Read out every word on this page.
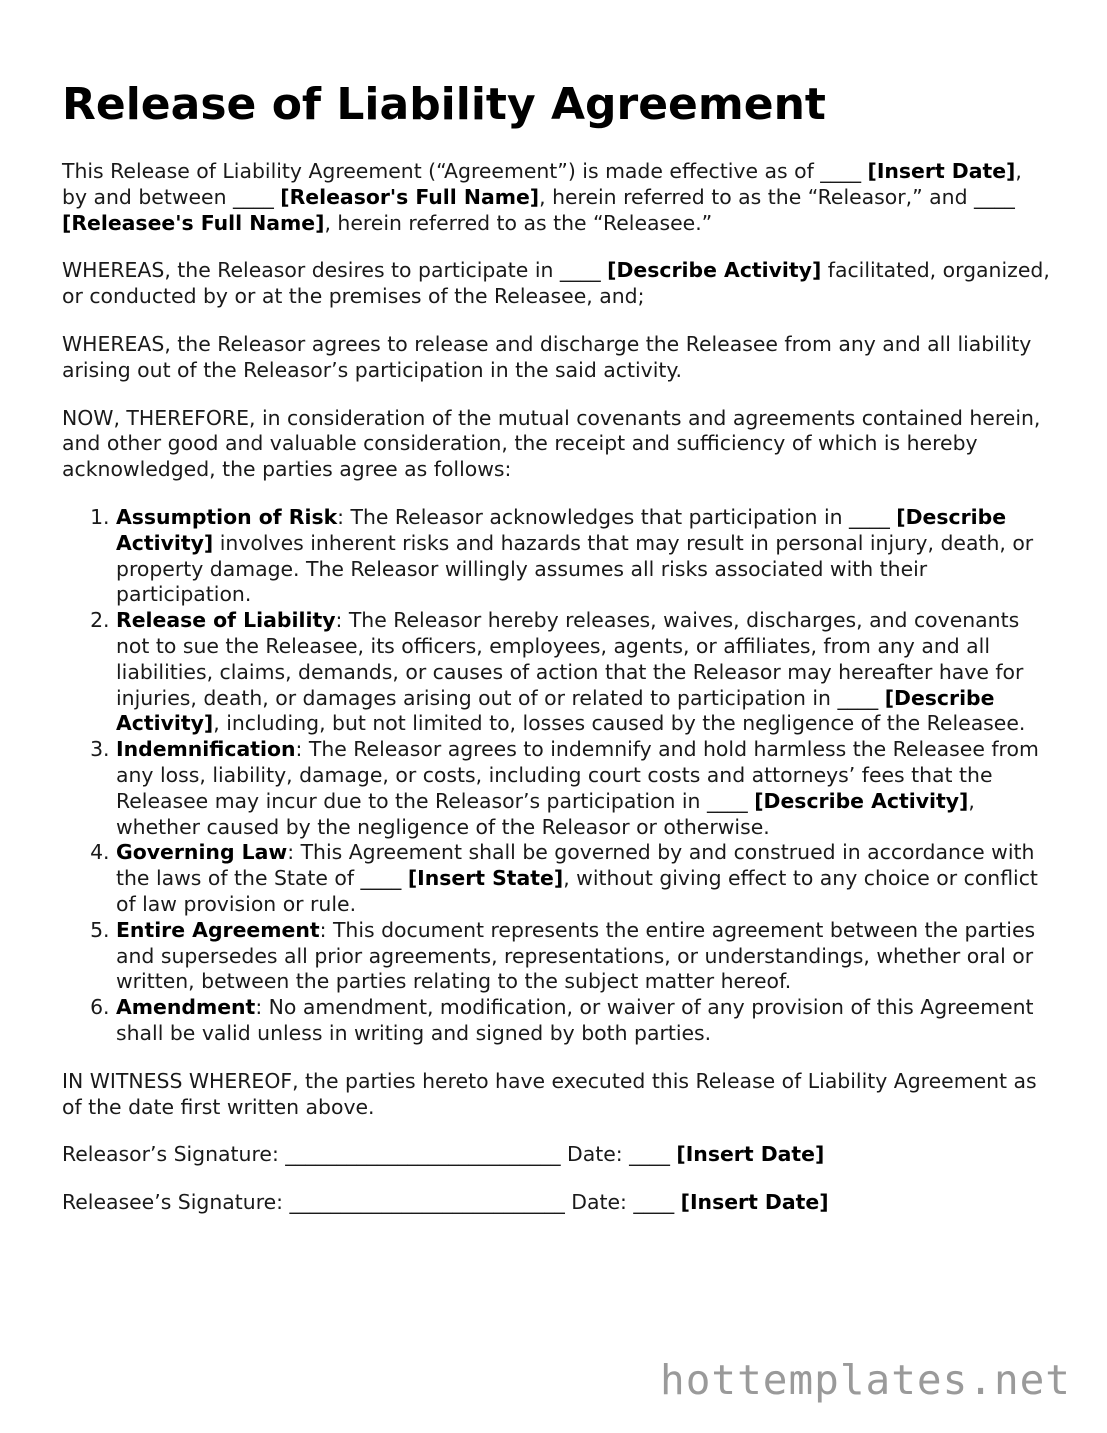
Release of Liability Agreement

This Release of Liability Agreement (“Agreement”) is made effective as of ____ [Insert Date], by and between ____ [Releasor's Full Name], herein referred to as the “Releasor,” and ____ [Releasee's Full Name], herein referred to as the “Releasee.”

WHEREAS, the Releasor desires to participate in ____ [Describe Activity] facilitated, organized, or conducted by or at the premises of the Releasee, and;

WHEREAS, the Releasor agrees to release and discharge the Releasee from any and all liability arising out of the Releasor’s participation in the said activity.

NOW, THEREFORE, in consideration of the mutual covenants and agreements contained herein, and other good and valuable consideration, the receipt and sufficiency of which is hereby acknowledged, the parties agree as follows:

1. Assumption of Risk: The Releasor acknowledges that participation in ____ [Describe Activity] involves inherent risks and hazards that may result in personal injury, death, or property damage. The Releasor willingly assumes all risks associated with their participation.
2. Release of Liability: The Releasor hereby releases, waives, discharges, and covenants not to sue the Releasee, its officers, employees, agents, or affiliates, from any and all liabilities, claims, demands, or causes of action that the Releasor may hereafter have for injuries, death, or damages arising out of or related to participation in ____ [Describe Activity], including, but not limited to, losses caused by the negligence of the Releasee.
3. Indemnification: The Releasor agrees to indemnify and hold harmless the Releasee from any loss, liability, damage, or costs, including court costs and attorneys’ fees that the Releasee may incur due to the Releasor’s participation in ____ [Describe Activity], whether caused by the negligence of the Releasor or otherwise.
4. Governing Law: This Agreement shall be governed by and construed in accordance with the laws of the State of ____ [Insert State], without giving effect to any choice or conflict of law provision or rule.
5. Entire Agreement: This document represents the entire agreement between the parties and supersedes all prior agreements, representations, or understandings, whether oral or written, between the parties relating to the subject matter hereof.
6. Amendment: No amendment, modification, or waiver of any provision of this Agreement shall be valid unless in writing and signed by both parties.

IN WITNESS WHEREOF, the parties hereto have executed this Release of Liability Agreement as of the date first written above.

Releasor’s Signature: ___________________________ Date: ____ [Insert Date]

Releasee’s Signature: ___________________________ Date: ____ [Insert Date]

hottemplates.net
